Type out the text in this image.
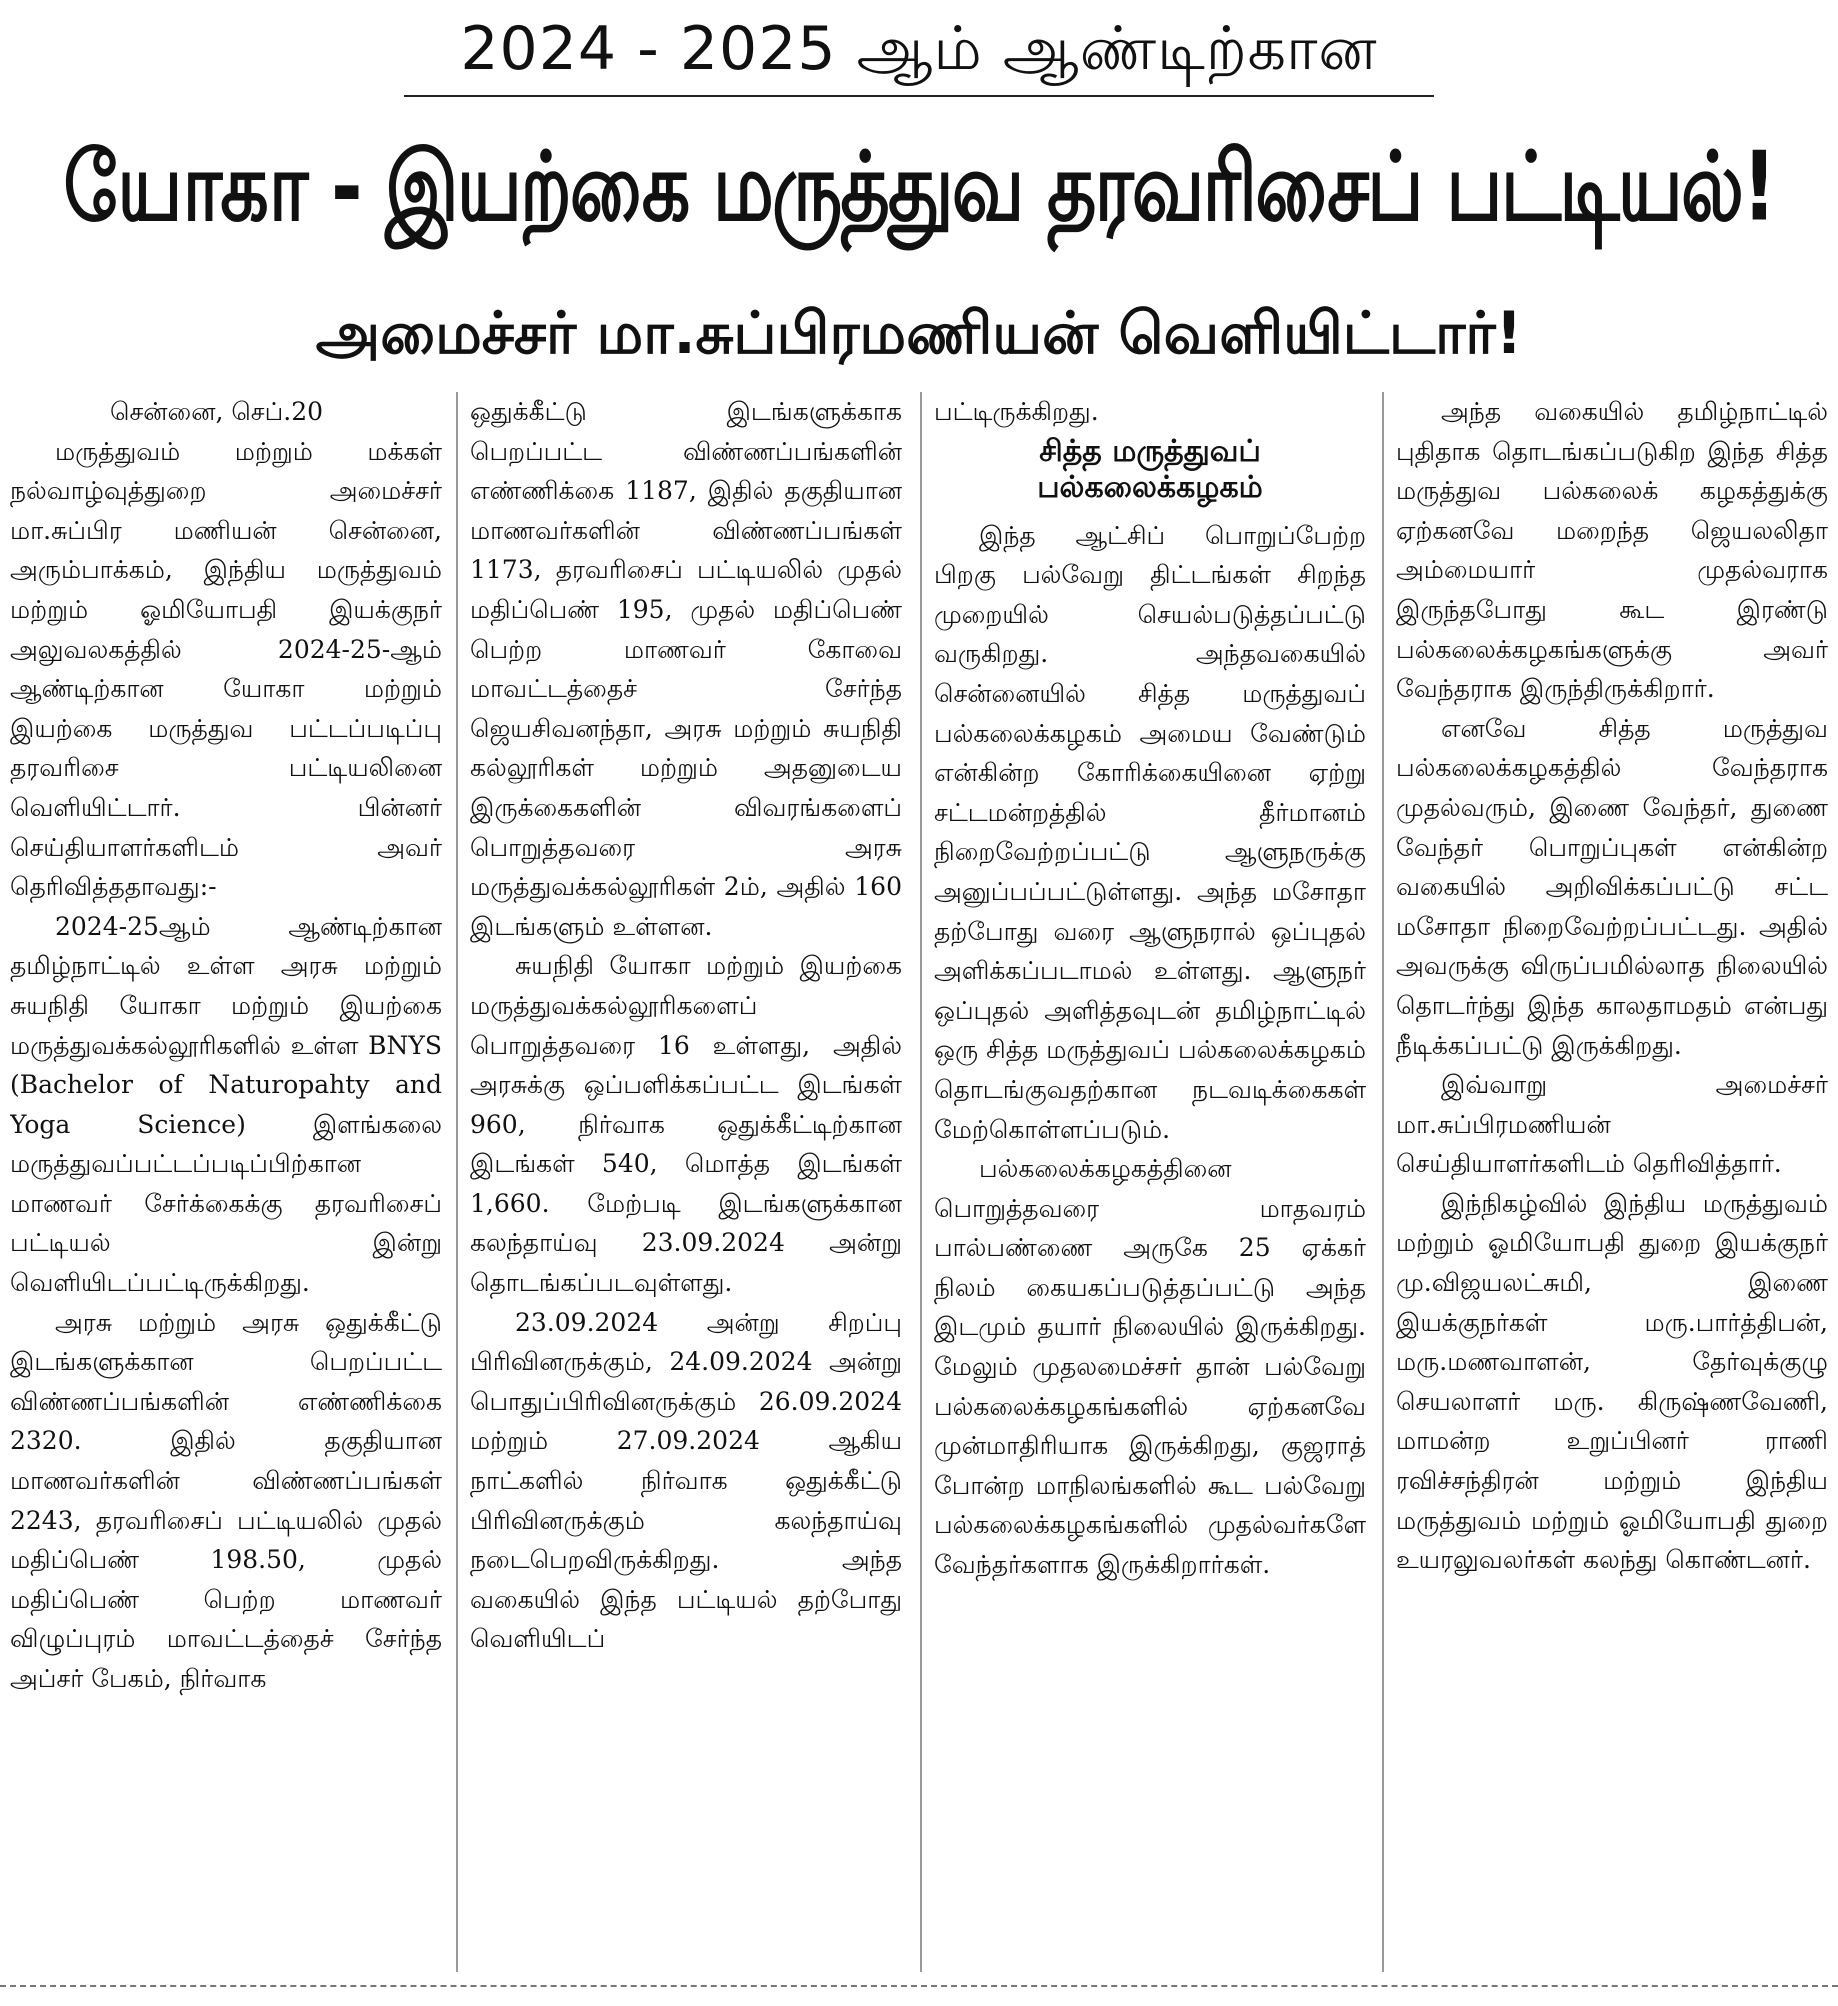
2024 - 2025 ஆம் ஆண்டிற்கான
யோகா - இயற்கை மருத்துவ தரவரிசைப் பட்டியல்!
அமைச்சர் மா.சுப்பிரமணியன் வெளியிட்டார்!

சென்னை, செப்.20

மருத்துவம் மற்றும் மக்கள் நல்வாழ்வுத்துறை அமைச்சர் மா.சுப்பிர மணியன் சென்னை, அரும்பாக்கம், இந்திய மருத்துவம் மற்றும் ஓமியோபதி இயக்குநர் அலுவலகத்தில் 2024-25-ஆம் ஆண்டிற்கான யோகா மற்றும் இயற்கை மருத்துவ பட்டப்படிப்பு தரவரிசை பட்டியலினை வெளியிட்டார். பின்னர் செய்தியாளர்களிடம் அவர் தெரிவித்ததாவது:-

2024-25ஆம் ஆண்டிற்கான தமிழ்நாட்டில் உள்ள அரசு மற்றும் சுயநிதி யோகா மற்றும் இயற்கை மருத்துவக்கல்லூரிகளில் உள்ள BNYS (Bachelor of Naturopahty and Yoga Science) இளங்கலை மருத்துவப்பட்டப்படிப்பிற்கான மாணவர் சேர்க்கைக்கு தரவரிசைப் பட்டியல் இன்று வெளியிடப்பட்டிருக்கிறது.

அரசு மற்றும் அரசு ஒதுக்கீட்டு இடங்களுக்கான பெறப்பட்ட விண்ணப்பங்களின் எண்ணிக்கை 2320. இதில் தகுதியான மாணவர்களின் விண்ணப்பங்கள் 2243, தரவரிசைப் பட்டியலில் முதல் மதிப்பெண் 198.50, முதல் மதிப்பெண் பெற்ற மாணவர் விழுப்புரம் மாவட்டத்தைச் சேர்ந்த அப்சர் பேகம், நிர்வாக

ஒதுக்கீட்டு இடங்களுக்காக பெறப்பட்ட விண்ணப்பங்களின் எண்ணிக்கை 1187, இதில் தகுதியான மாணவர்களின் விண்ணப்பங்கள் 1173, தரவரிசைப் பட்டியலில் முதல் மதிப்பெண் 195, முதல் மதிப்பெண் பெற்ற மாணவர் கோவை மாவட்டத்தைச் சேர்ந்த ஜெயசிவனந்தா, அரசு மற்றும் சுயநிதி கல்லூரிகள் மற்றும் அதனுடைய இருக்கைகளின் விவரங்களைப் பொறுத்தவரை அரசு மருத்துவக்கல்லூரிகள் 2ம், அதில் 160 இடங்களும் உள்ளன.

சுயநிதி யோகா மற்றும் இயற்கை மருத்துவக்கல்லூரிகளைப் பொறுத்தவரை 16 உள்ளது, அதில் அரசுக்கு ஒப்பளிக்கப்பட்ட இடங்கள் 960, நிர்வாக ஒதுக்கீட்டிற்கான இடங்கள் 540, மொத்த இடங்கள் 1,660. மேற்படி இடங்களுக்கான கலந்தாய்வு 23.09.2024 அன்று தொடங்கப்படவுள்ளது.

23.09.2024 அன்று சிறப்பு பிரிவினருக்கும், 24.09.2024 அன்று பொதுப்பிரிவினருக்கும் 26.09.2024 மற்றும் 27.09.2024 ஆகிய நாட்களில் நிர்வாக ஒதுக்கீட்டு பிரிவினருக்கும் கலந்தாய்வு நடைபெறவிருக்கிறது. அந்த வகையில் இந்த பட்டியல் தற்போது வெளியிடப்

பட்டிருக்கிறது.

சித்த மருத்துவப்
பல்கலைக்கழகம்

இந்த ஆட்சிப் பொறுப்பேற்ற பிறகு பல்வேறு திட்டங்கள் சிறந்த முறையில் செயல்படுத்தப்பட்டு வருகிறது. அந்தவகையில் சென்னையில் சித்த மருத்துவப் பல்கலைக்கழகம் அமைய வேண்டும் என்கின்ற கோரிக்கையினை ஏற்று சட்டமன்றத்தில் தீர்மானம் நிறைவேற்றப்பட்டு ஆளுநருக்கு அனுப்பப்பட்டுள்ளது. அந்த மசோதா தற்போது வரை ஆளுநரால் ஒப்புதல் அளிக்கப்படாமல் உள்ளது. ஆளுநர் ஒப்புதல் அளித்தவுடன் தமிழ்நாட்டில் ஒரு சித்த மருத்துவப் பல்கலைக்கழகம் தொடங்குவதற்கான நடவடிக்கைகள் மேற்கொள்ளப்படும்.

பல்கலைக்கழகத்தினை பொறுத்தவரை மாதவரம் பால்பண்ணை அருகே 25 ஏக்கர் நிலம் கையகப்படுத்தப்பட்டு அந்த இடமும் தயார் நிலையில் இருக்கிறது. மேலும் முதலமைச்சர் தான் பல்வேறு பல்கலைக்கழகங்களில் ஏற்கனவே முன்மாதிரியாக இருக்கிறது, குஜராத் போன்ற மாநிலங்களில் கூட பல்வேறு பல்கலைக்கழகங்களில் முதல்வர்களே வேந்தர்களாக இருக்கிறார்கள்.

அந்த வகையில் தமிழ்நாட்டில் புதிதாக தொடங்கப்படுகிற இந்த சித்த மருத்துவ பல்கலைக் கழகத்துக்கு ஏற்கனவே மறைந்த ஜெயலலிதா அம்மையார் முதல்வராக இருந்தபோது கூட இரண்டு பல்கலைக்கழகங்களுக்கு அவர் வேந்தராக இருந்திருக்கிறார்.

எனவே சித்த மருத்துவ பல்கலைக்கழகத்தில் வேந்தராக முதல்வரும், இணை வேந்தர், துணை வேந்தர் பொறுப்புகள் என்கின்ற வகையில் அறிவிக்கப்பட்டு சட்ட மசோதா நிறைவேற்றப்பட்டது. அதில் அவருக்கு விருப்பமில்லாத நிலையில் தொடர்ந்து இந்த காலதாமதம் என்பது நீடிக்கப்பட்டு இருக்கிறது.

இவ்வாறு அமைச்சர் மா.சுப்பிரமணியன் செய்தியாளர்களிடம் தெரிவித்தார்.

இந்நிகழ்வில் இந்திய மருத்துவம் மற்றும் ஓமியோபதி துறை இயக்குநர் மு.விஜயலட்சுமி, இணை இயக்குநர்கள் மரு.பார்த்திபன், மரு.மணவாளன், தேர்வுக்குழு செயலாளர் மரு. கிருஷ்ணவேணி, மாமன்ற உறுப்பினர் ராணி ரவிச்சந்திரன் மற்றும் இந்திய மருத்துவம் மற்றும் ஓமியோபதி துறை உயரலுவலர்கள் கலந்து கொண்டனர்.
